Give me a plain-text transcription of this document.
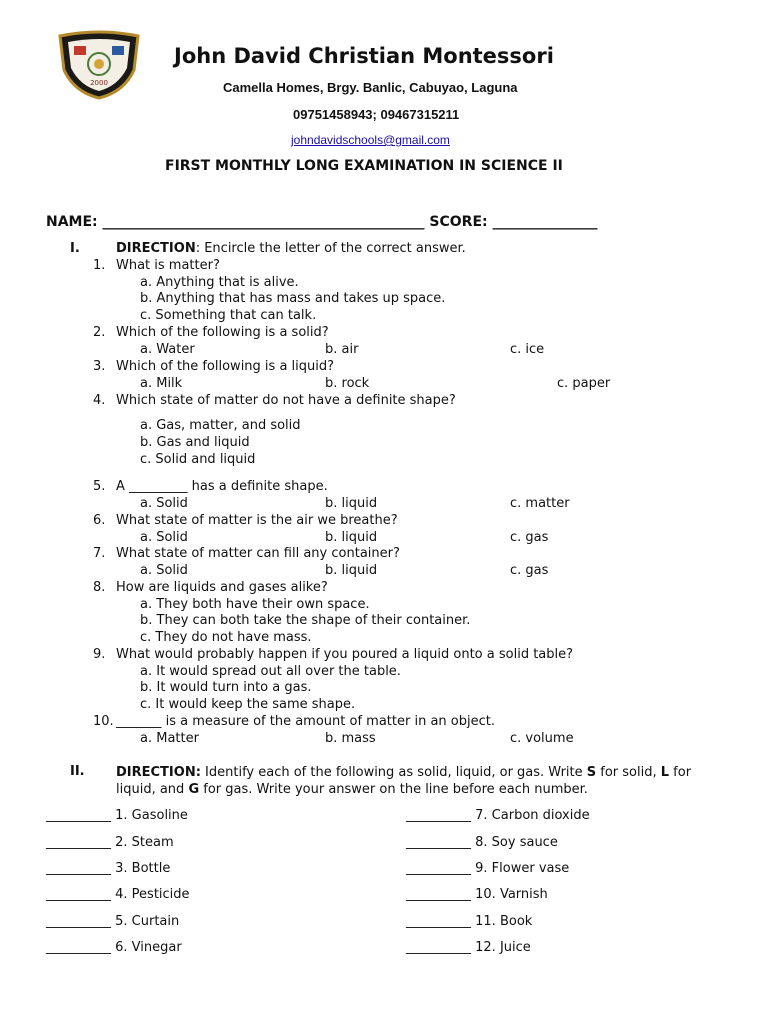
2000
John David Christian Montessori
Camella Homes, Brgy. Banlic, Cabuyao, Laguna
09751458943; 09467315211
johndavidschools@gmail.com
FIRST MONTHLY LONG EXAMINATION IN SCIENCE II
NAME: ______________________________________________ SCORE: _______________
I.	DIRECTION: Encircle the letter of the correct answer.
1. What is matter?
a. Anything that is alive.
b. Anything that has mass and takes up space.
c. Something that can talk.
2. Which of the following is a solid?
a. Water	b. air	c. ice
3. Which of the following is a liquid?
a. Milk	b. rock	c. paper
4. Which state of matter do not have a definite shape?
a. Gas, matter, and solid
b. Gas and liquid
c. Solid and liquid
5. A _________ has a definite shape.
a. Solid	b. liquid	c. matter
6. What state of matter is the air we breathe?
a. Solid	b. liquid	c. gas
7. What state of matter can fill any container?
a. Solid	b. liquid	c. gas
8. How are liquids and gases alike?
a. They both have their own space.
b. They can both take the shape of their container.
c. They do not have mass.
9. What would probably happen if you poured a liquid onto a solid table?
a. It would spread out all over the table.
b. It would turn into a gas.
c. It would keep the same shape.
10. _______ is a measure of the amount of matter in an object.
a. Matter	b. mass	c. volume
II. DIRECTION: Identify each of the following as solid, liquid, or gas. Write S for solid, L for liquid, and G for gas. Write your answer on the line before each number.
__________ 1. Gasoline
__________ 2. Steam
__________ 3. Bottle
__________ 4. Pesticide
__________ 5. Curtain
__________ 6. Vinegar
__________ 7. Carbon dioxide
__________ 8. Soy sauce
__________ 9. Flower vase
__________ 10. Varnish
__________ 11. Book
__________ 12. Juice
